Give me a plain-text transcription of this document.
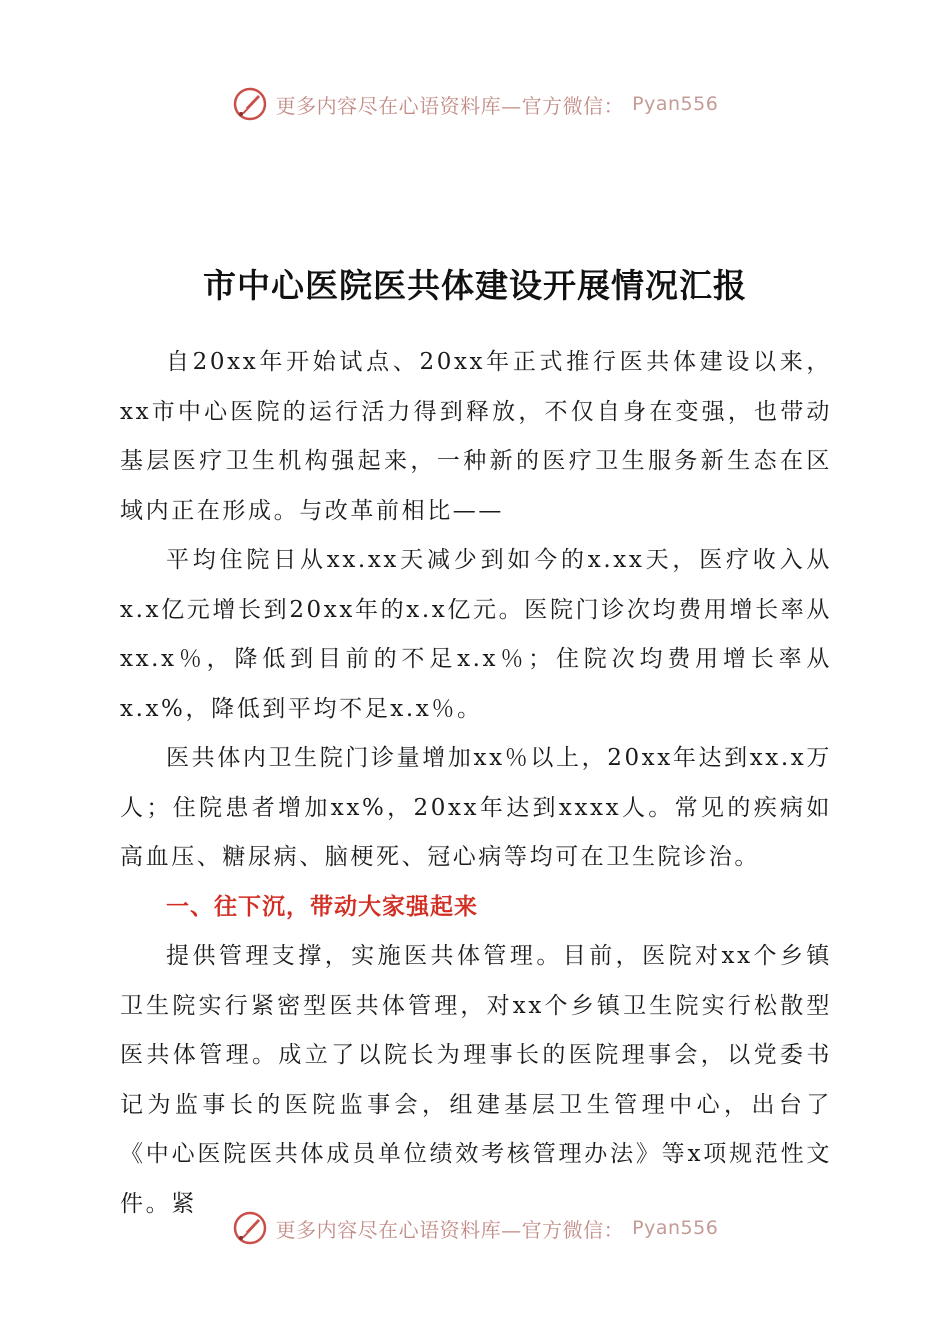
更多内容尽在心语资料库—官方微信： Pyan556
市中心医院医共体建设开展情况汇报

自20xx年开始试点、20xx年正式推行医共体建设以来，xx市中心医院的运行活力得到释放，不仅自身在变强，也带动基层医疗卫生机构强起来，一种新的医疗卫生服务新生态在区域内正在形成。与改革前相比——

平均住院日从xx.xx天减少到如今的x.xx天，医疗收入从x.x亿元增长到20xx年的x.x亿元。医院门诊次均费用增长率从xx.x％，降低到目前的不足x.x％；住院次均费用增长率从x.x%，降低到平均不足x.x％。

医共体内卫生院门诊量增加xx％以上，20xx年达到xx.x万人；住院患者增加xx%，20xx年达到xxxx人。常见的疾病如高血压、糖尿病、脑梗死、冠心病等均可在卫生院诊治。

一、往下沉，带动大家强起来

提供管理支撑，实施医共体管理。目前，医院对xx个乡镇卫生院实行紧密型医共体管理，对xx个乡镇卫生院实行松散型医共体管理。成立了以院长为理事长的医院理事会，以党委书记为监事长的医院监事会，组建基层卫生管理中心，出台了《中心医院医共体成员单位绩效考核管理办法》等x项规范性文件。紧

更多内容尽在心语资料库—官方微信： Pyan556
